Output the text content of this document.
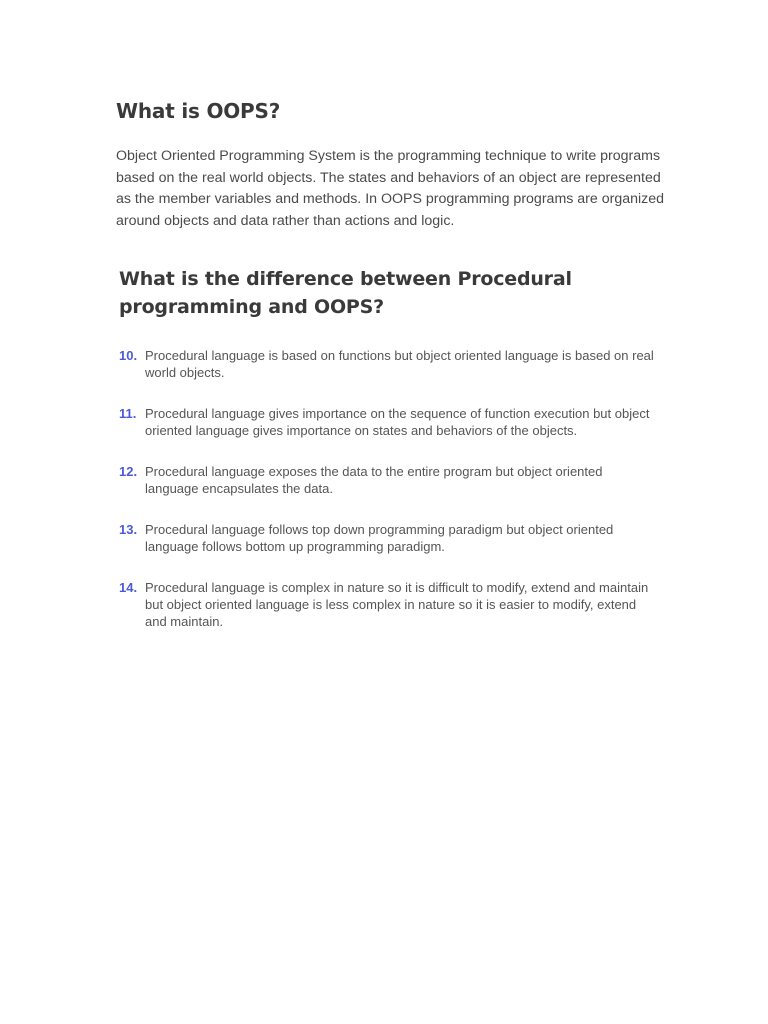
What is OOPS?

Object Oriented Programming System is the programming technique to write programs based on the real world objects. The states and behaviors of an object are represented as the member variables and methods. In OOPS programming programs are organized around objects and data rather than actions and logic.

What is the difference between Procedural programming and OOPS?
10. Procedural language is based on functions but object oriented language is based on real world objects.
11. Procedural language gives importance on the sequence of function execution but object oriented language gives importance on states and behaviors of the objects.
12. Procedural language exposes the data to the entire program but object oriented language encapsulates the data.
13. Procedural language follows top down programming paradigm but object oriented language follows bottom up programming paradigm.
14. Procedural language is complex in nature so it is difficult to modify, extend and maintain but object oriented language is less complex in nature so it is easier to modify, extend and maintain.
